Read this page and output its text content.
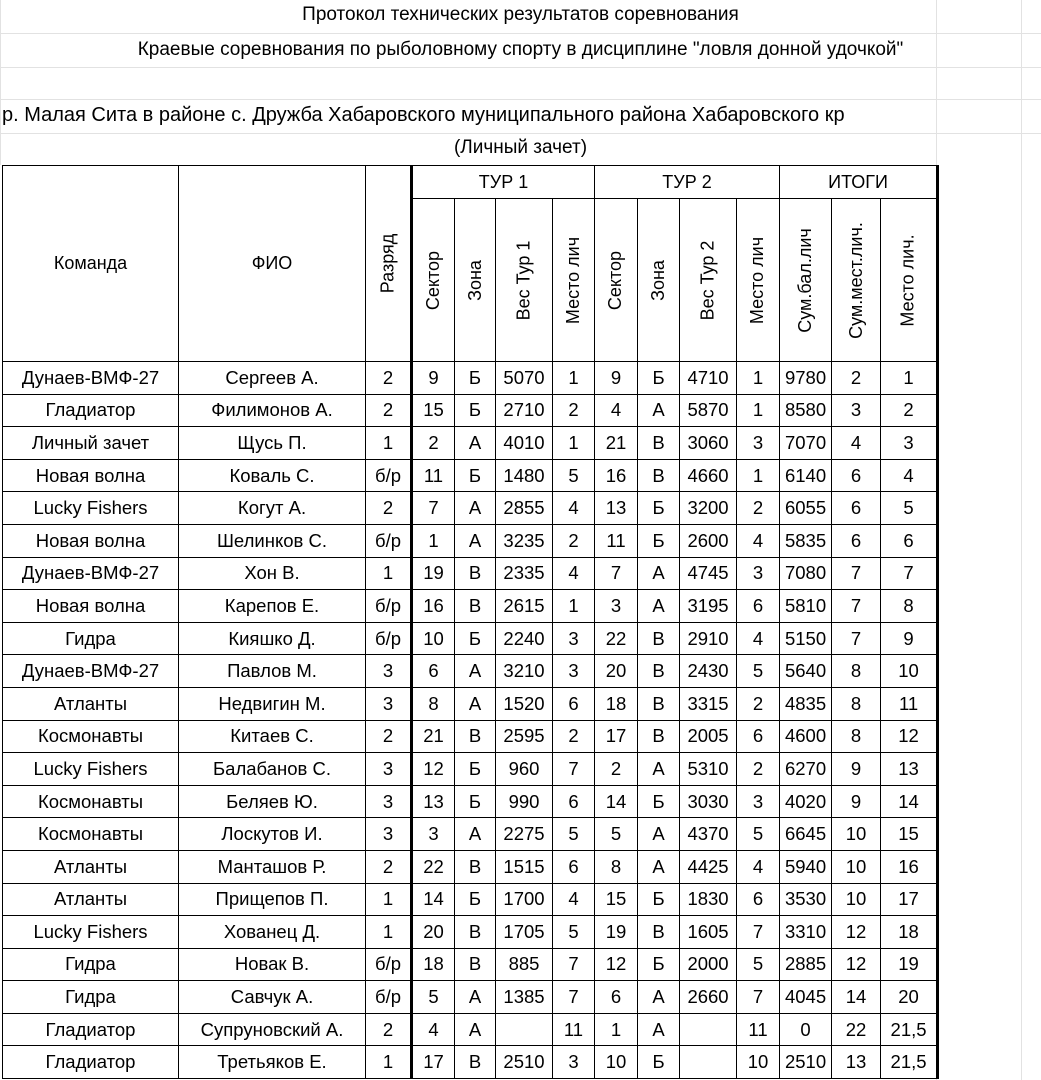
Протокол технических результатов соревнования
Краевые соревнования по рыболовному спорту в дисциплине "ловля донной удочкой"
р. Малая Сита в районе с. Дружба Хабаровского муниципального района Хабаровского кр
(Личный зачет)
Команда	ФИО	Разряд	ТУР 1				ТУР 2				ИТОГИ		

			Сектор	Зона	Вес Тур 1	Место лич	Сектор	Зона	Вес Тур 2	Место лич	Сум.бал.лич	Сум.мест.лич.	Место лич.

Дунаев-ВМФ-27	Сергеев А.	2	9	Б	5070	1	9	Б	4710	1	9780	2	1
Гладиатор	Филимонов А.	2	15	Б	2710	2	4	А	5870	1	8580	3	2
Личный зачет	Щусь П.	1	2	А	4010	1	21	В	3060	3	7070	4	3
Новая волна	Коваль С.	б/р	11	Б	1480	5	16	В	4660	1	6140	6	4
Lucky Fishers	Когут А.	2	7	А	2855	4	13	Б	3200	2	6055	6	5
Новая волна	Шелинков С.	б/р	1	А	3235	2	11	Б	2600	4	5835	6	6
Дунаев-ВМФ-27	Хон В.	1	19	В	2335	4	7	А	4745	3	7080	7	7
Новая волна	Карепов Е.	б/р	16	В	2615	1	3	А	3195	6	5810	7	8
Гидра	Кияшко Д.	б/р	10	Б	2240	3	22	В	2910	4	5150	7	9
Дунаев-ВМФ-27	Павлов М.	3	6	А	3210	3	20	В	2430	5	5640	8	10
Атланты	Недвигин М.	3	8	А	1520	6	18	В	3315	2	4835	8	11
Космонавты	Китаев С.	2	21	В	2595	2	17	В	2005	6	4600	8	12
Lucky Fishers	Балабанов С.	3	12	Б	960	7	2	А	5310	2	6270	9	13
Космонавты	Беляев Ю.	3	13	Б	990	6	14	Б	3030	3	4020	9	14
Космонавты	Лоскутов И.	3	3	А	2275	5	5	А	4370	5	6645	10	15
Атланты	Манташов Р.	2	22	В	1515	6	8	А	4425	4	5940	10	16
Атланты	Прищепов П.	1	14	Б	1700	4	15	Б	1830	6	3530	10	17
Lucky Fishers	Хованец Д.	1	20	В	1705	5	19	В	1605	7	3310	12	18
Гидра	Новак В.	б/р	18	В	885	7	12	Б	2000	5	2885	12	19
Гидра	Савчук А.	б/р	5	А	1385	7	6	А	2660	7	4045	14	20
Гладиатор	Супруновский А.	2	4	А		11	1	А		11	0	22	21,5
Гладиатор	Третьяков Е.	1	17	В	2510	3	10	Б		10	2510	13	21,5
